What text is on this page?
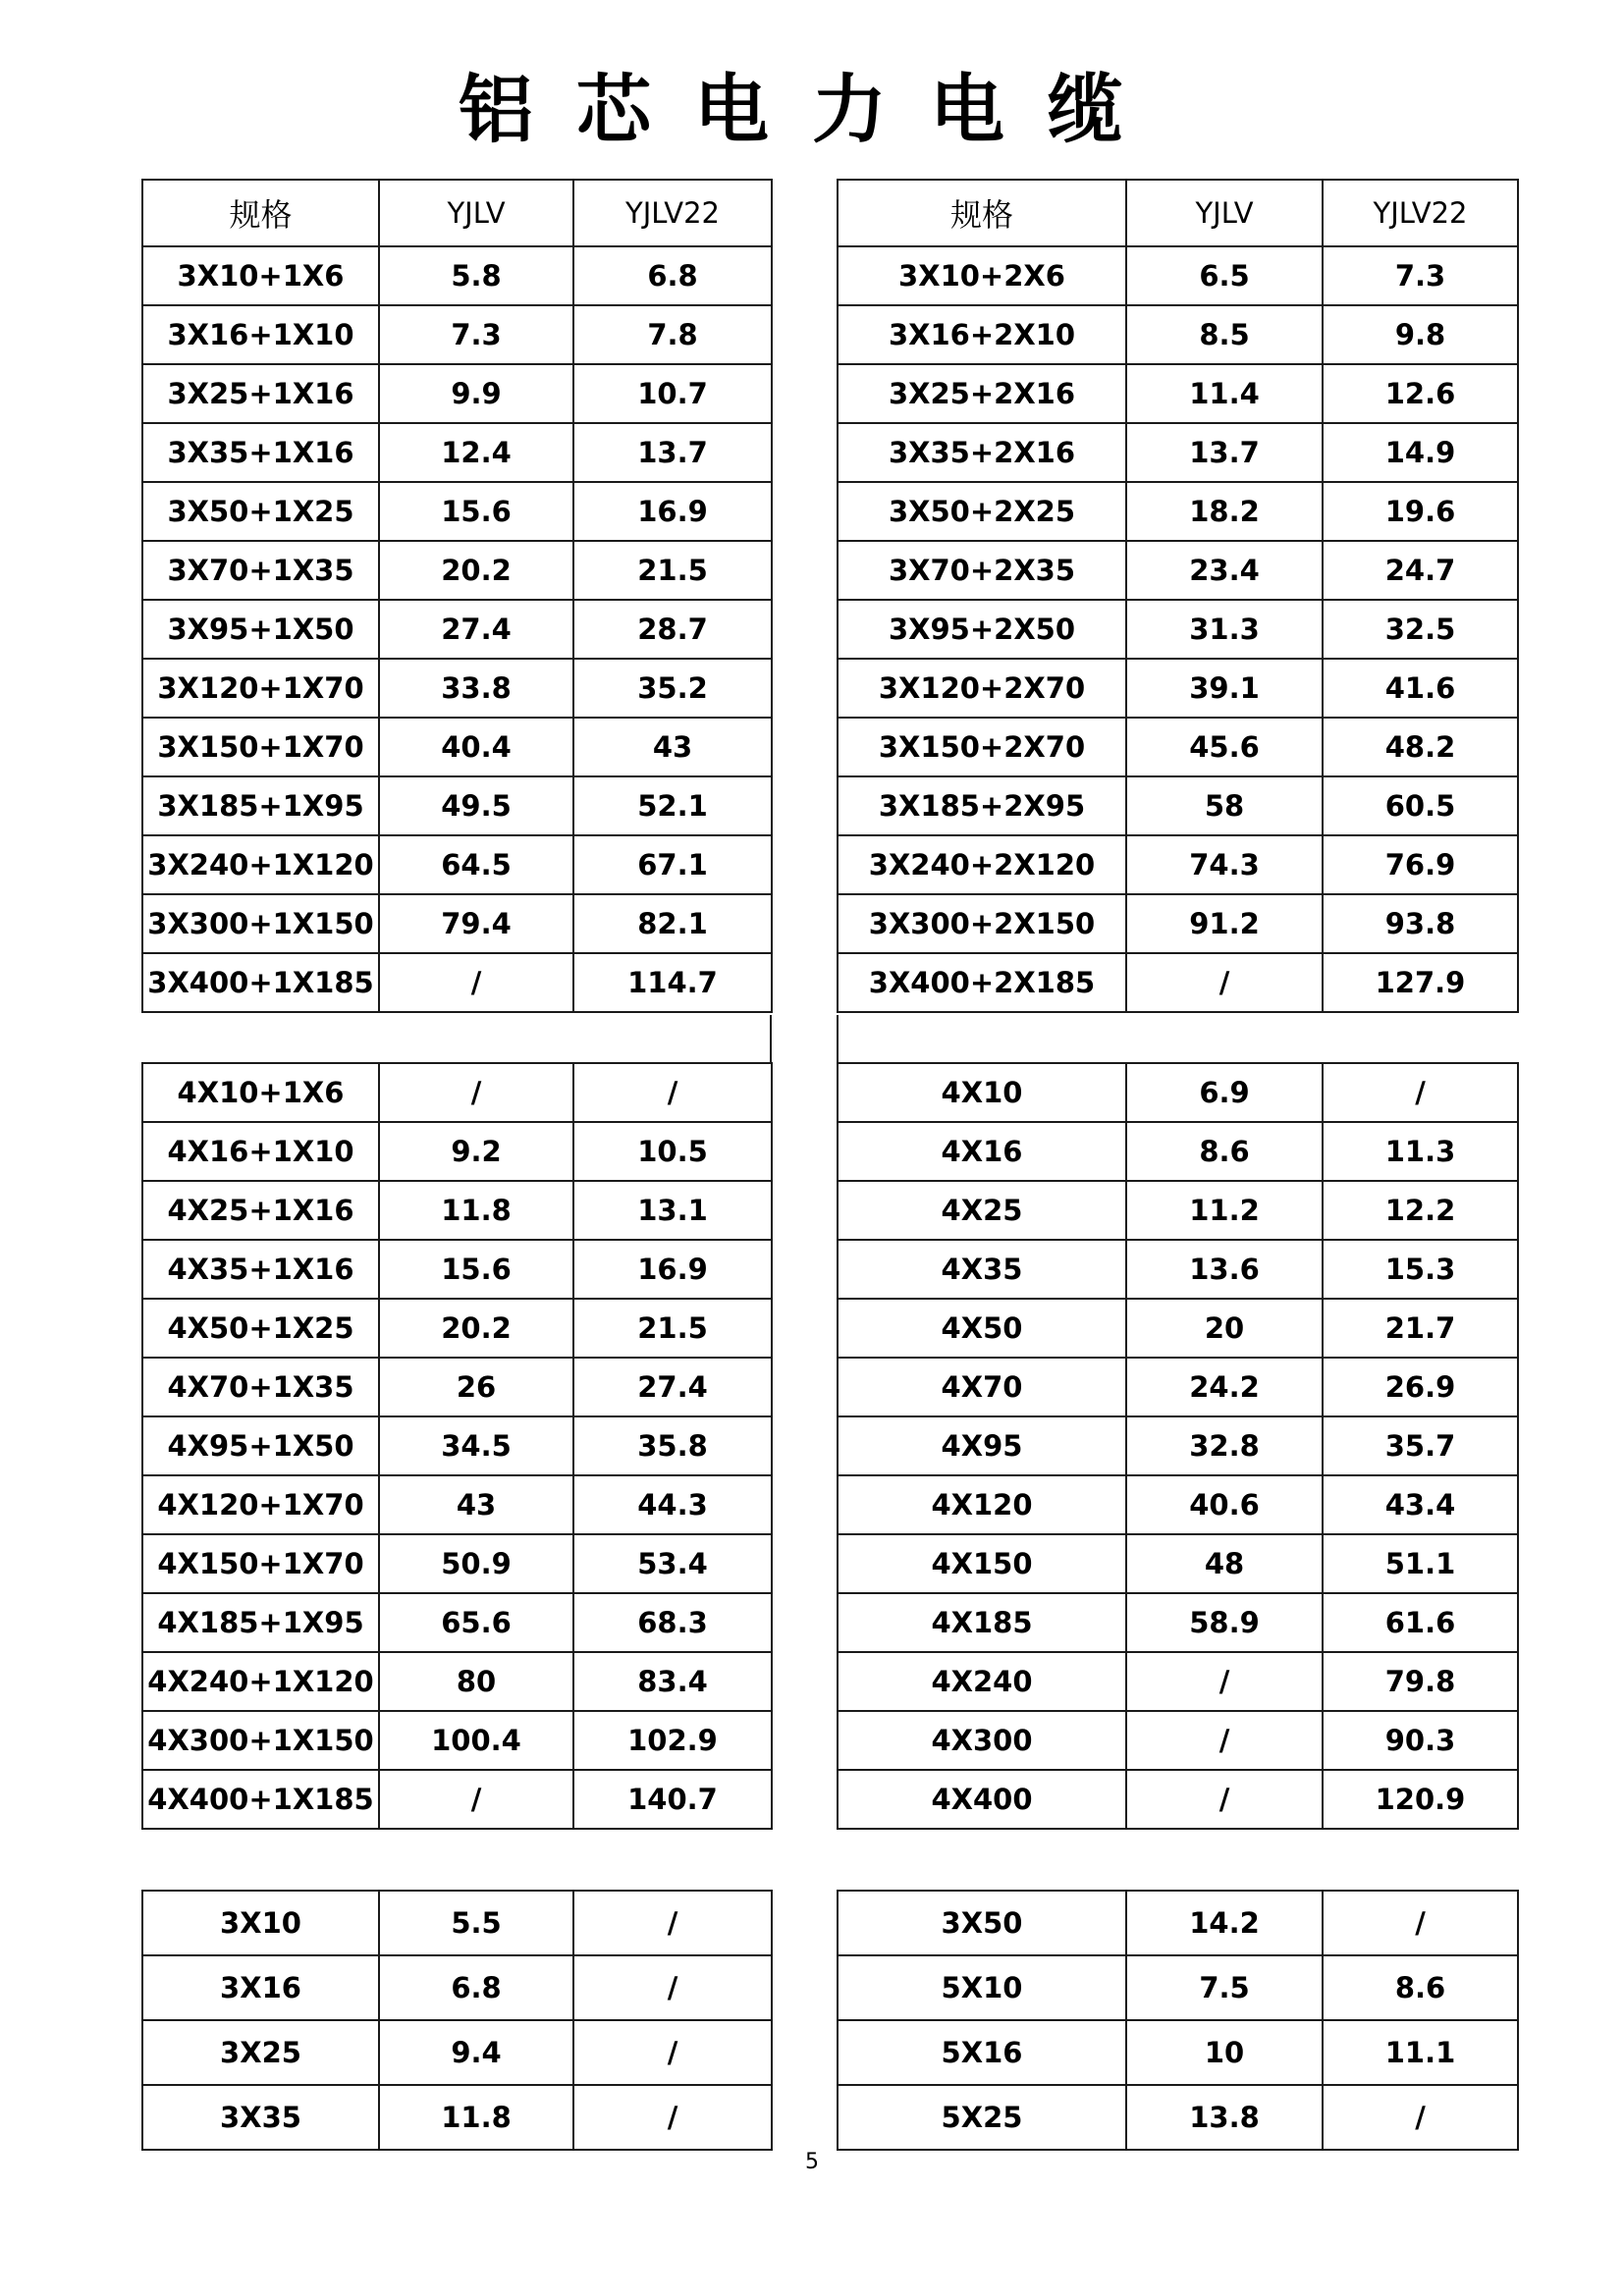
铝芯电力电缆
规格	YJLV	YJLV22
3X10+1X6	5.8	6.8
3X16+1X10	7.3	7.8
3X25+1X16	9.9	10.7
3X35+1X16	12.4	13.7
3X50+1X25	15.6	16.9
3X70+1X35	20.2	21.5
3X95+1X50	27.4	28.7
3X120+1X70	33.8	35.2
3X150+1X70	40.4	43
3X185+1X95	49.5	52.1
3X240+1X120	64.5	67.1
3X300+1X150	79.4	82.1
3X400+1X185	/	114.7
规格	YJLV	YJLV22
3X10+2X6	6.5	7.3
3X16+2X10	8.5	9.8
3X25+2X16	11.4	12.6
3X35+2X16	13.7	14.9
3X50+2X25	18.2	19.6
3X70+2X35	23.4	24.7
3X95+2X50	31.3	32.5
3X120+2X70	39.1	41.6
3X150+2X70	45.6	48.2
3X185+2X95	58	60.5
3X240+2X120	74.3	76.9
3X300+2X150	91.2	93.8
3X400+2X185	/	127.9
4X10+1X6	/	/
4X16+1X10	9.2	10.5
4X25+1X16	11.8	13.1
4X35+1X16	15.6	16.9
4X50+1X25	20.2	21.5
4X70+1X35	26	27.4
4X95+1X50	34.5	35.8
4X120+1X70	43	44.3
4X150+1X70	50.9	53.4
4X185+1X95	65.6	68.3
4X240+1X120	80	83.4
4X300+1X150	100.4	102.9
4X400+1X185	/	140.7
4X10	6.9	/
4X16	8.6	11.3
4X25	11.2	12.2
4X35	13.6	15.3
4X50	20	21.7
4X70	24.2	26.9
4X95	32.8	35.7
4X120	40.6	43.4
4X150	48	51.1
4X185	58.9	61.6
4X240	/	79.8
4X300	/	90.3
4X400	/	120.9
3X10	5.5	/
3X16	6.8	/
3X25	9.4	/
3X35	11.8	/
3X50	14.2	/
5X10	7.5	8.6
5X16	10	11.1
5X25	13.8	/
5
